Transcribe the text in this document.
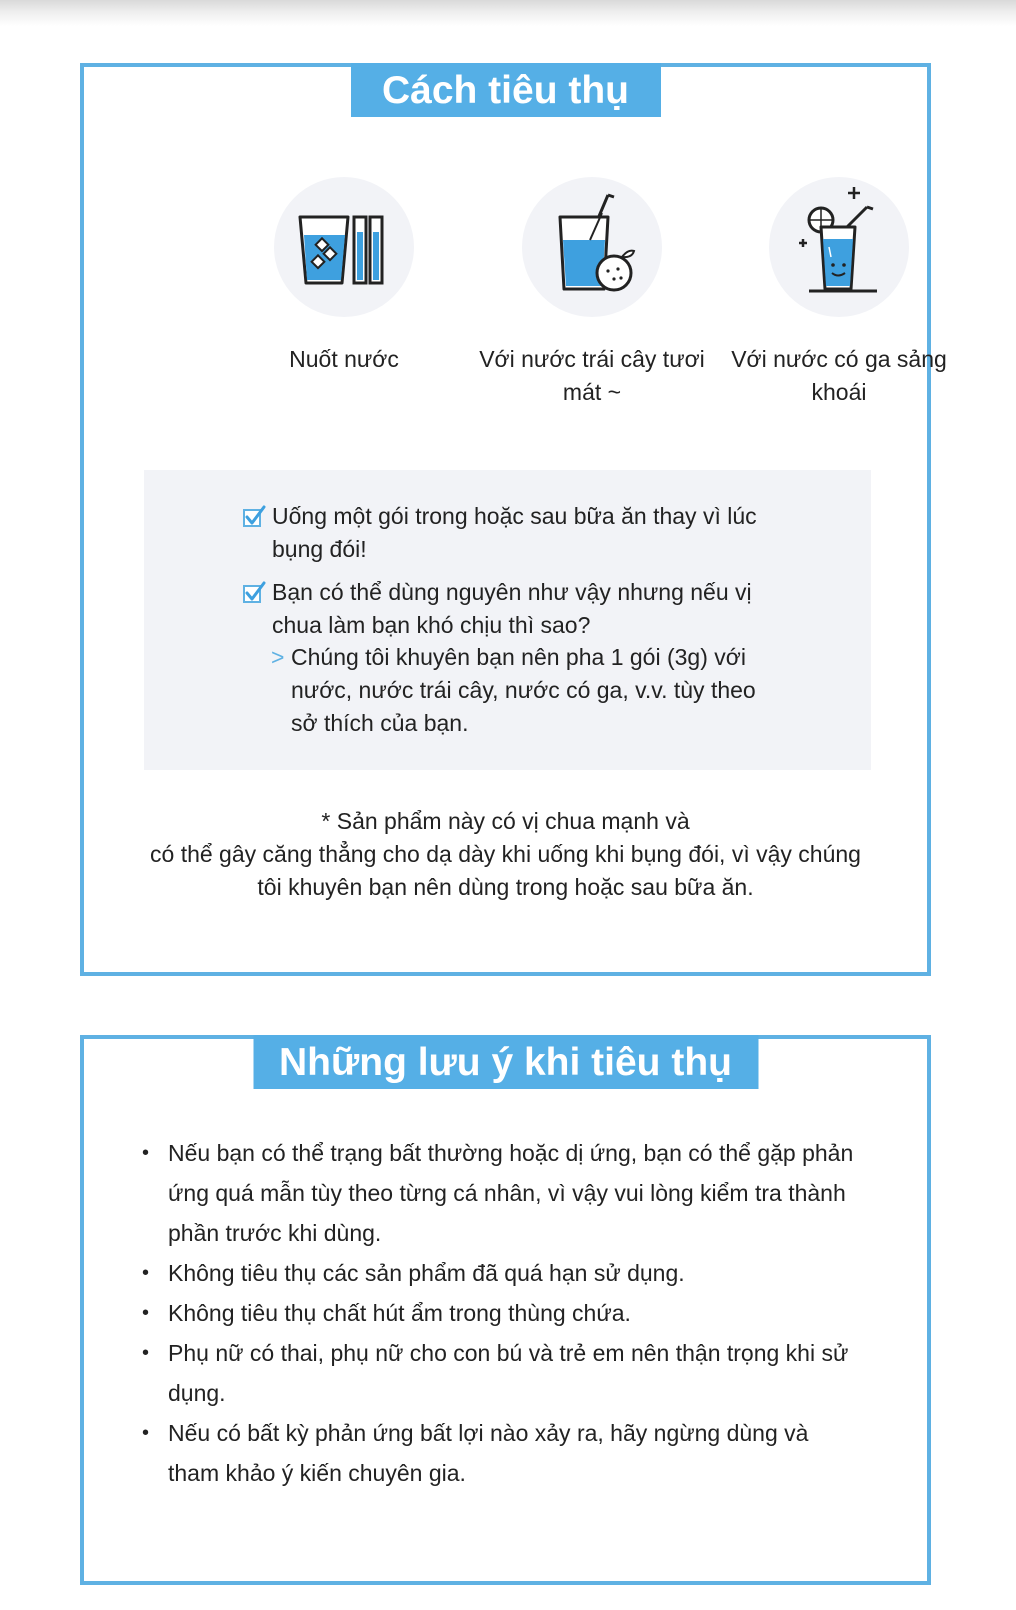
Cách tiêu thụ
Nuốt nước	Với nước trái cây tươi mát ~
Với nước có ga sảng khoái
Uống một gói trong hoặc sau bữa ăn thay vì lúc bụng đói!
Bạn có thể dùng nguyên như vậy nhưng nếu vị chua làm bạn khó chịu thì sao?
> Chúng tôi khuyên bạn nên pha 1 gói (3g) với nước, nước trái cây, nước có ga, v.v. tùy theo sở thích của bạn.
* Sản phẩm này có vị chua mạnh và
có thể gây căng thẳng cho dạ dày khi uống khi bụng đói, vì vậy chúng
tôi khuyên bạn nên dùng trong hoặc sau bữa ăn.
Những lưu ý khi tiêu thụ
• Nếu bạn có thể trạng bất thường hoặc dị ứng, bạn có thể gặp phản ứng quá mẫn tùy theo từng cá nhân, vì vậy vui lòng kiểm tra thành phần trước khi dùng.
• Không tiêu thụ các sản phẩm đã quá hạn sử dụng.
• Không tiêu thụ chất hút ẩm trong thùng chứa.
• Phụ nữ có thai, phụ nữ cho con bú và trẻ em nên thận trọng khi sử dụng.
• Nếu có bất kỳ phản ứng bất lợi nào xảy ra, hãy ngừng dùng và tham khảo ý kiến chuyên gia.
